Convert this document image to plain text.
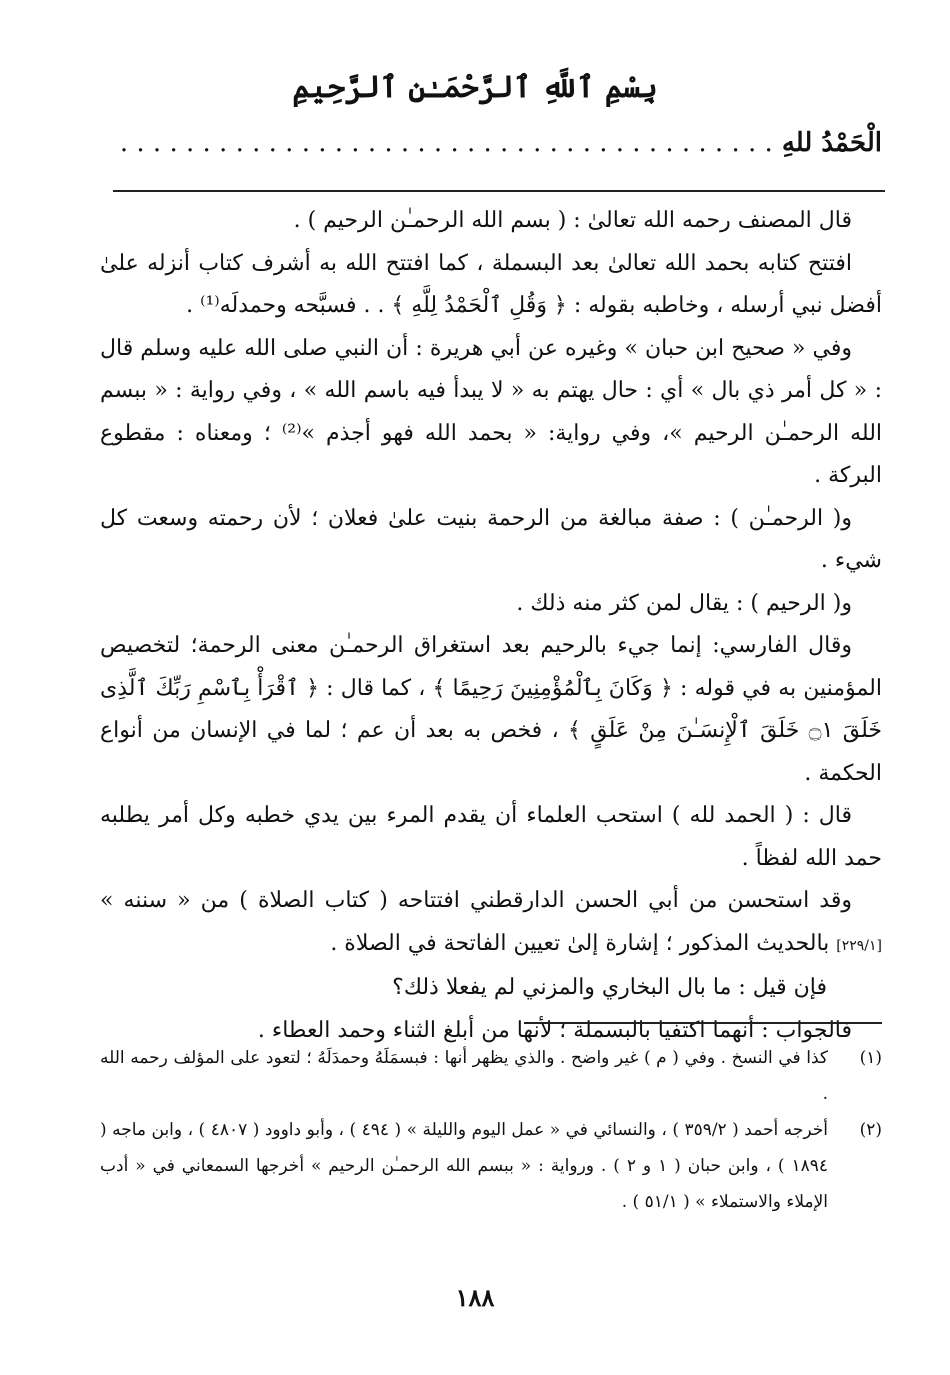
بِسْمِ ٱللَّهِ ٱلرَّحْمَـٰنِ ٱلرَّحِيمِ
الْحَمْدُ للهِ . . . . . . . . . . . . . . . . . . . . . . . . . . . . . . . . . . . . . . . .

قال المصنف رحمه الله تعالىٰ : ( بسم الله الرحمـٰن الرحيم ) .

افتتح كتابه بحمد الله تعالىٰ بعد البسملة ، كما افتتح الله به أشرف كتاب أنزله علىٰ أفضل نبي أرسله ، وخاطبه بقوله : ﴿ وَقُلِ ٱلْحَمْدُ لِلَّهِ ﴾ . . فسبَّحه وحمدلَه⁽¹⁾ .

وفي « صحيح ابن حبان » وغيره عن أبي هريرة : أن النبي صلى الله عليه وسلم قال : « كل أمر ذي بال » أي : حال يهتم به « لا يبدأ فيه باسم الله » ، وفي رواية : « ببسم الله الرحمـٰن الرحيم »، وفي رواية: « بحمد الله فهو أجذم »⁽²⁾ ؛ ومعناه : مقطوع البركة .

و( الرحمـٰن ) : صفة مبالغة من الرحمة بنيت علىٰ فعلان ؛ لأن رحمته وسعت كل شيء .

و( الرحيم ) : يقال لمن كثر منه ذلك .

وقال الفارسي: إنما جيء بالرحيم بعد استغراق الرحمـٰن معنى الرحمة؛ لتخصيص المؤمنين به في قوله : ﴿ وَكَانَ بِٱلْمُؤْمِنِينَ رَحِيمًا ﴾ ، كما قال : ﴿ ٱقْرَأْ بِٱسْمِ رَبِّكَ ٱلَّذِى خَلَقَ ۝١ خَلَقَ ٱلْإِنسَـٰنَ مِنْ عَلَقٍ ﴾ ، فخص به بعد أن عم ؛ لما في الإنسان من أنواع الحكمة .

قال : ( الحمد لله ) استحب العلماء أن يقدم المرء بين يدي خطبه وكل أمر يطلبه حمد الله لفظاً .

وقد استحسن من أبي الحسن الدارقطني افتتاحه ( كتاب الصلاة ) من « سننه » [٢٢٩/١] بالحديث المذكور ؛ إشارة إلىٰ تعيين الفاتحة في الصلاة .

فإن قيل : ما بال البخاري والمزني لم يفعلا ذلك؟

فالجواب : أنهما اكتفيا بالبسملة ؛ لأنها من أبلغ الثناء وحمد العطاء .

(١)
كذا في النسخ . وفي ( م ) غير واضح . والذي يظهر أنها : فبسمَلَهُ وحمدَلَهُ ؛ لتعود على المؤلف رحمه الله .
(٢)
أخرجه أحمد ( ٣٥٩/٢ ) ، والنسائي في « عمل اليوم والليلة » ( ٤٩٤ ) ، وأبو داوود ( ٤٨٠٧ ) ، وابن ماجه ( ١٨٩٤ ) ، وابن حبان ( ١ و ٢ ) . ورواية : « ببسم الله الرحمـٰن الرحيم » أخرجها السمعاني في « أدب الإملاء والاستملاء » ( ٥١/١ ) .
١٨٨
